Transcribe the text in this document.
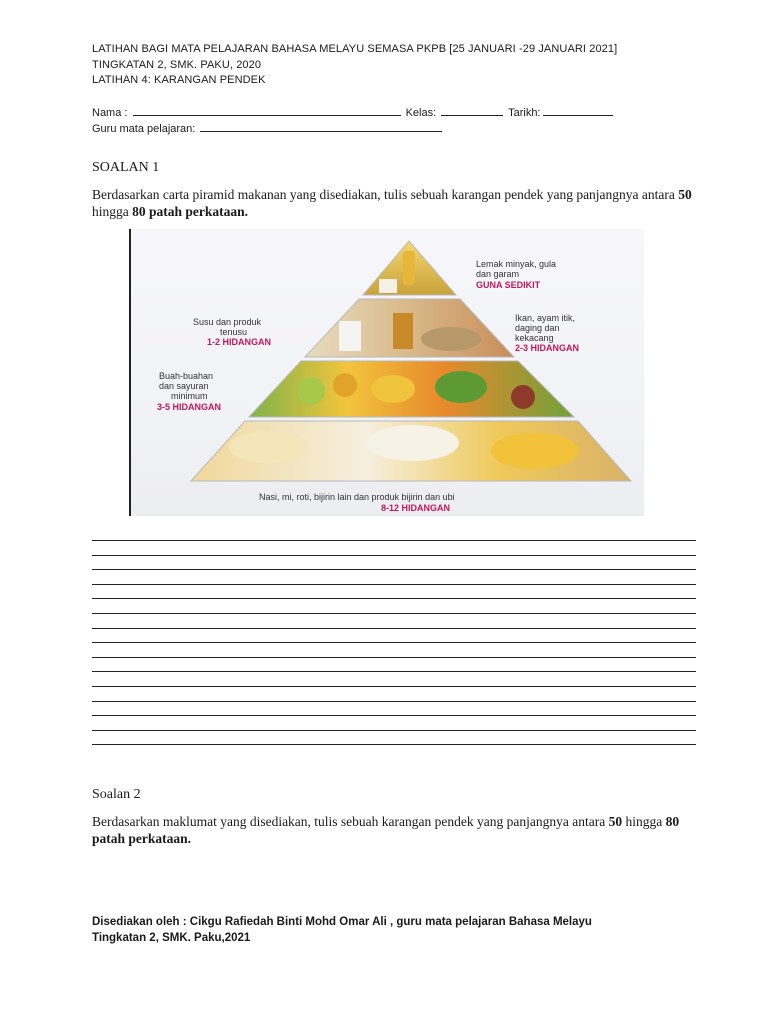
LATIHAN BAGI MATA PELAJARAN BAHASA MELAYU SEMASA PKPB [25 JANUARI -29 JANUARI 2021]
TINGKATAN 2, SMK. PAKU, 2020
LATIHAN 4: KARANGAN PENDEK
Nama :	Kelas:	Tarikh:
Guru mata pelajaran:
SOALAN 1
Berdasarkan carta piramid makanan yang disediakan, tulis sebuah karangan pendek yang panjangnya antara 50 hingga 80 patah perkataan.
Lemak minyak, gula
dan garam
GUNA SEDIKIT
Susu dan produk
tenusu
1-2 HIDANGAN
Ikan, ayam itik,
daging dan
kekacang
2-3 HIDANGAN
Buah-buahan
dan sayuran
minimum
3-5 HIDANGAN
Nasi, mi, roti, bijirin lain dan produk bijirin dan ubi
8-12 HIDANGAN
Soalan 2
Berdasarkan maklumat yang disediakan, tulis sebuah karangan pendek yang panjangnya antara 50 hingga 80 patah perkataan.
Disediakan oleh : Cikgu Rafiedah Binti Mohd Omar Ali , guru mata pelajaran Bahasa Melayu
Tingkatan 2, SMK. Paku,2021
